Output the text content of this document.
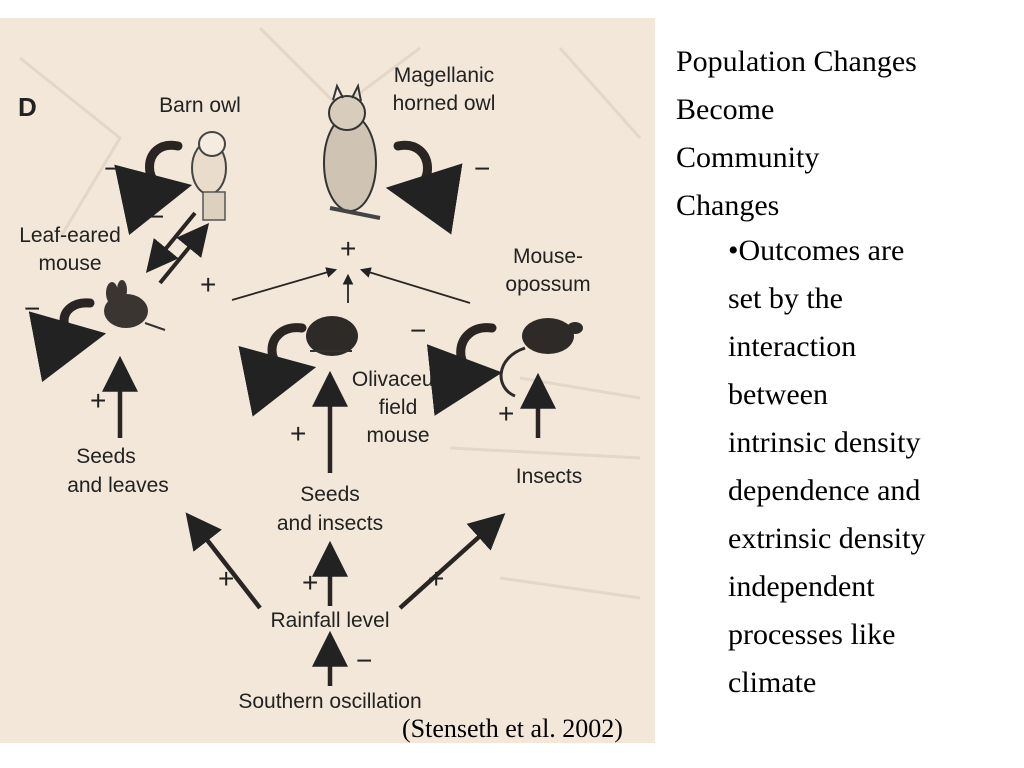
D	Barn owl
Magellanic
horned owl
Leaf-eared
mouse	Mouse-
opossum
Olivaceus
field
mouse
Seeds
and leaves	Seeds
and insects
Insects
Rainfall level
Southern oscillation
−
−
−
+
+
−
−
+
+
+
+ +	+
−
Population Changes
Become
Community
Changes
•Outcomes are
set by the
interaction
between
intrinsic density
dependence and
extrinsic density
independent
processes like
climate
(Stenseth et al. 2002)
